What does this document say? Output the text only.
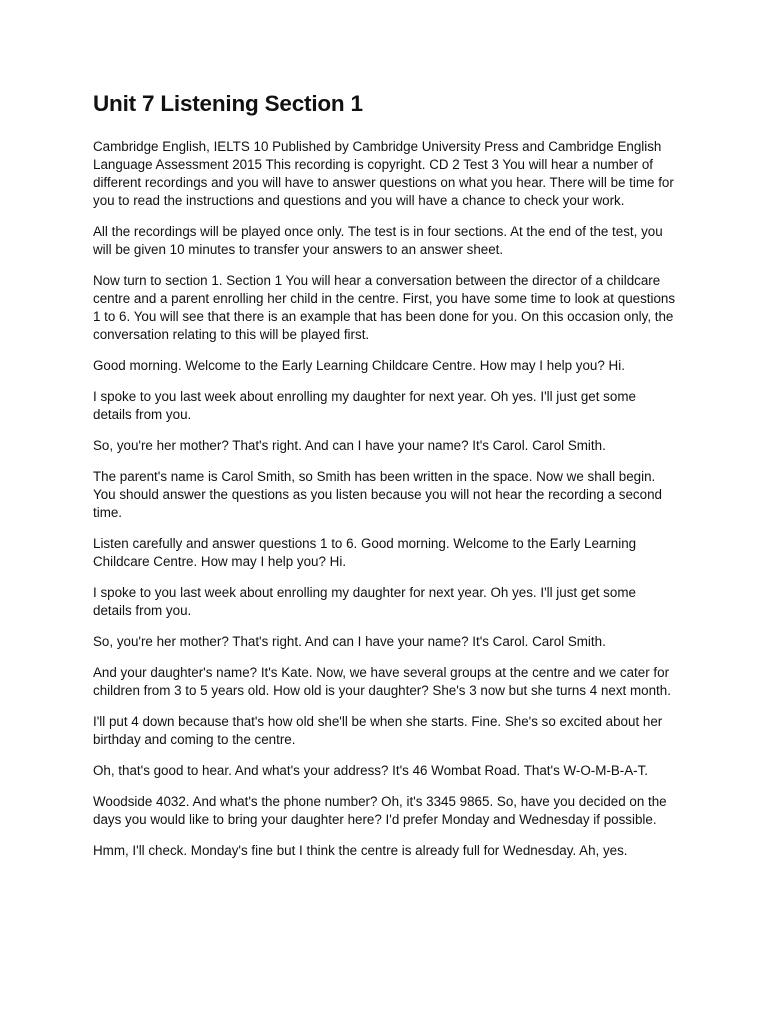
Unit 7 Listening Section 1

Cambridge English, IELTS 10 Published by Cambridge University Press and Cambridge English Language Assessment 2015 This recording is copyright. CD 2 Test 3 You will hear a number of different recordings and you will have to answer questions on what you hear. There will be time for you to read the instructions and questions and you will have a chance to check your work.

All the recordings will be played once only. The test is in four sections. At the end of the test, you will be given 10 minutes to transfer your answers to an answer sheet.

Now turn to section 1. Section 1 You will hear a conversation between the director of a childcare centre and a parent enrolling her child in the centre. First, you have some time to look at questions 1 to 6. You will see that there is an example that has been done for you. On this occasion only, the conversation relating to this will be played first.

Good morning. Welcome to the Early Learning Childcare Centre. How may I help you? Hi.

I spoke to you last week about enrolling my daughter for next year. Oh yes. I'll just get some details from you.

So, you're her mother? That's right. And can I have your name? It's Carol. Carol Smith.

The parent's name is Carol Smith, so Smith has been written in the space. Now we shall begin. You should answer the questions as you listen because you will not hear the recording a second time.

Listen carefully and answer questions 1 to 6. Good morning. Welcome to the Early Learning Childcare Centre. How may I help you? Hi.

I spoke to you last week about enrolling my daughter for next year. Oh yes. I'll just get some details from you.

So, you're her mother? That's right. And can I have your name? It's Carol. Carol Smith.

And your daughter's name? It's Kate. Now, we have several groups at the centre and we cater for children from 3 to 5 years old. How old is your daughter? She's 3 now but she turns 4 next month.

I'll put 4 down because that's how old she'll be when she starts. Fine. She's so excited about her birthday and coming to the centre.

Oh, that's good to hear. And what's your address? It's 46 Wombat Road. That's W-O-M-B-A-T.

Woodside 4032. And what's the phone number? Oh, it's 3345 9865. So, have you decided on the days you would like to bring your daughter here? I'd prefer Monday and Wednesday if possible.

Hmm, I'll check. Monday's fine but I think the centre is already full for Wednesday. Ah, yes.
